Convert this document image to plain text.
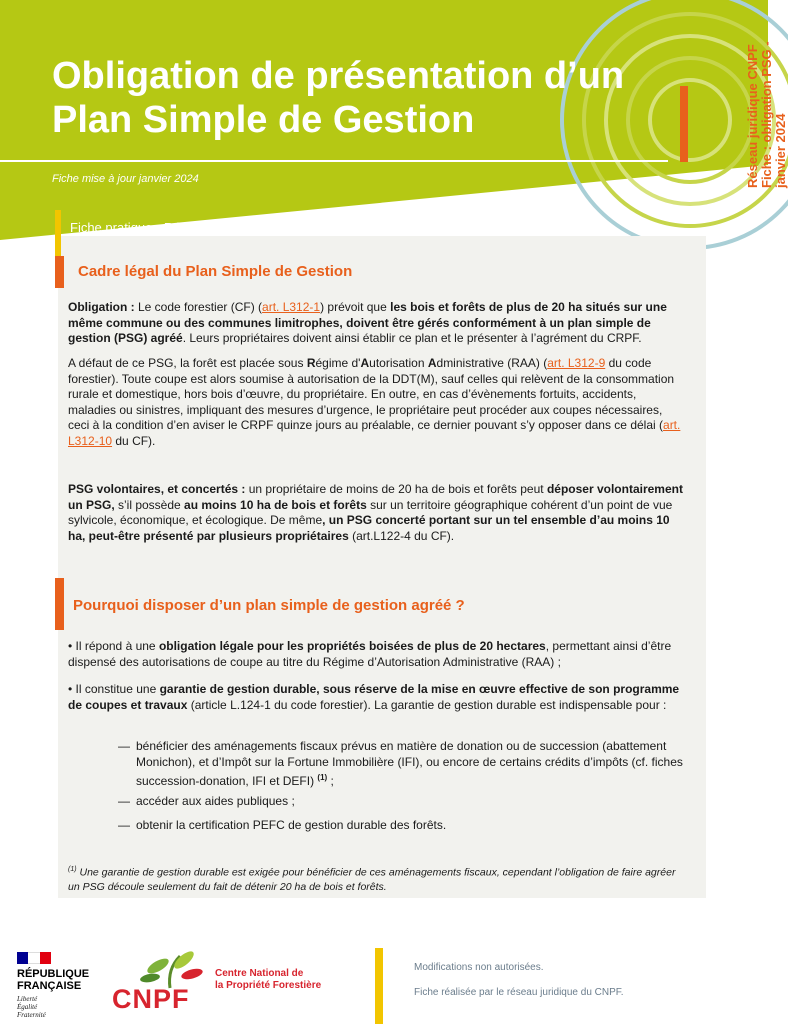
Obligation de présentation d’un
Plan Simple de Gestion
Fiche mise à jour janvier 2024	Réseau juridique CNPF Fiche : obligation PSG - janvier 2024
Fiche pratique - Réseau juridique CNPF
Cadre légal du Plan Simple de Gestion

Obligation : Le code forestier (CF) (art. L312-1) prévoit que les bois et forêts de plus de 20 ha situés sur une même commune ou des communes limitrophes, doivent être gérés conformément à un plan simple de gestion (PSG) agréé. Leurs propriétaires doivent ainsi établir ce plan et le présenter à l’agrément du CRPF.

A défaut de ce PSG, la forêt est placée sous Régime d'Autorisation Administrative (RAA) (art. L312-9 du code forestier). Toute coupe est alors soumise à autorisation de la DDT(M), sauf celles qui relèvent de la consommation rurale et domestique, hors bois d’œuvre, du propriétaire. En outre, en cas d’évènements fortuits, accidents, maladies ou sinistres, impliquant des mesures d’urgence, le propriétaire peut procéder aux coupes nécessaires, ceci à la condition d’en aviser le CRPF quinze jours au préalable, ce dernier pouvant s’y opposer dans ce délai (art. L312-10 du CF).

PSG volontaires, et concertés : un propriétaire de moins de 20 ha de bois et forêts peut déposer volontairement un PSG, s’il possède au moins 10 ha de bois et forêts sur un territoire géographique cohérent d’un point de vue sylvicole, économique, et écologique. De même, un PSG concerté portant sur un tel ensemble d’au moins 10 ha, peut-être présenté par plusieurs propriétaires (art.L122-4 du CF).

Pourquoi disposer d’un plan simple de gestion agréé ?

• Il répond à une obligation légale pour les propriétés boisées de plus de 20 hectares, permettant ainsi d’être dispensé des autorisations de coupe au titre du Régime d’Autorisation Administrative (RAA) ;

• Il constitue une garantie de gestion durable, sous réserve de la mise en œuvre effective de son programme de coupes et travaux (article L.124-1 du code forestier). La garantie de gestion durable est indispensable pour :

— bénéficier des aménagements fiscaux prévus en matière de donation ou de succession (abattement Monichon), et d’Impôt sur la Fortune Immobilière (IFI), ou encore de certains crédits d’impôts (cf. fiches succession-donation, IFI et DEFI) $^{(1)}$ ;
— accéder aux aides publiques ;
— obtenir la certification PEFC de gestion durable des forêts.
$^{(1)}$ Une garantie de gestion durable est exigée pour bénéficier de ces aménagements fiscaux, cependant l’obligation de faire agréer un PSG découle seulement du fait de détenir 20 ha de bois et forêts.
RÉPUBLIQUE
FRANÇAISE
Liberté
Égalité
Fraternité
CNPF
Centre National de
la Propriété Forestière
Modifications non autorisées.
Fiche réalisée par le réseau juridique du CNPF.
